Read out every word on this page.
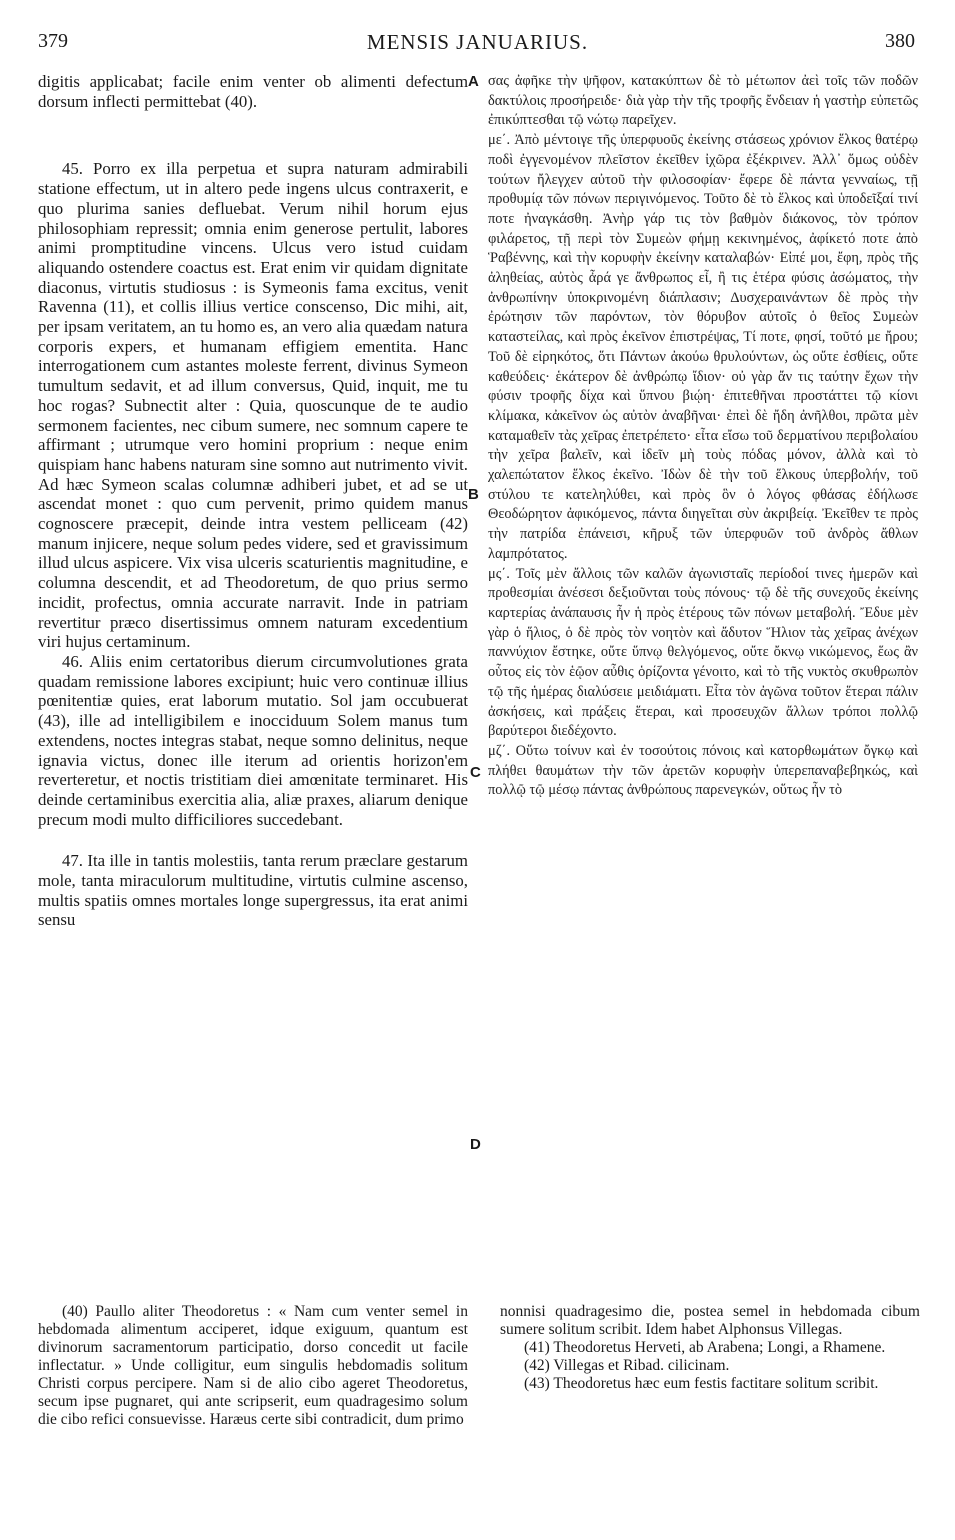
379	MENSIS JANUARIUS.	380

digitis applicabat; facile enim venter ob alimenti defectum dorsum inflecti permittebat (40).

45. Porro ex illa perpetua et supra naturam admirabili statione effectum, ut in altero pede ingens ulcus contraxerit, e quo plurima sanies defluebat. Verum nihil horum ejus philosophiam repressit; omnia enim generose pertulit, labores animi promptitudine vincens. Ulcus vero istud cuidam aliquando ostendere coactus est. Erat enim vir quidam dignitate diaconus, virtutis studiosus : is Symeonis fama excitus, venit Ravenna (11), et collis illius vertice conscenso, Dic mihi, ait, per ipsam veritatem, an tu homo es, an vero alia quædam natura corporis expers, et humanam effigiem ementita. Hanc interrogationem cum astantes moleste ferrent, divinus Symeon tumultum sedavit, et ad illum conversus, Quid, inquit, me tu hoc rogas? Subnectit alter : Quia, quoscunque de te audio sermonem facientes, nec cibum sumere, nec somnum capere te affirmant ; utrumque vero homini proprium : neque enim quispiam hanc habens naturam sine somno aut nutrimento vivit. Ad hæc Symeon scalas columnæ adhiberi jubet, et ad se ut ascendat monet : quo cum pervenit, primo quidem manus cognoscere præcepit, deinde intra vestem pelliceam (42) manum injicere, neque solum pedes videre, sed et gravissimum illud ulcus aspicere. Vix visa ulceris scaturientis magnitudine, e columna descendit, et ad Theodoretum, de quo prius sermo incidit, profectus, omnia accurate narravit. Inde in patriam revertitur præco disertissimus omnem naturam excedentium viri hujus certaminum.

46. Aliis enim certatoribus dierum circumvolutiones grata quadam remissione labores excipiunt; huic vero continuæ illius pœnitentiæ quies, erat laborum mutatio. Sol jam occubuerat (43), ille ad intelligibilem e inocciduum Solem manus tum extendens, noctes integras stabat, neque somno delinitus, neque ignavia victus, donec ille iterum ad orientis horizon'em reverteretur, et noctis tristitiam diei amœnitate terminaret. His deinde certaminibus exercitia alia, aliæ praxes, aliarum denique precum modi multo difficiliores succedebant.

47. Ita ille in tantis molestiis, tanta rerum præclare gestarum mole, tanta miraculorum multitudine, virtutis culmine ascenso, multis spatiis omnes mortales longe supergressus, ita erat animi sensu

A
B
C
D

σας ἀφῆκε τὴν ψῆφον, κατακύπτων δὲ τὸ μέτωπον ἀεὶ τοῖς τῶν ποδῶν δακτύλοις προσήρειδε· διὰ γὰρ τὴν τῆς τροφῆς ἔνδειαν ἡ γαστὴρ εὐπετῶς ἐπικύπτεσθαι τῷ νώτῳ παρεῖχεν.

με΄. Ἀπὸ μέντοιγε τῆς ὑπερφυοῦς ἐκείνης στάσεως χρόνιον ἕλκος θατέρῳ ποδὶ ἐγγενομένον πλεῖστον ἐκεῖθεν ἰχῶρα ἐξέκρινεν. Ἀλλ᾽ ὅμως οὐδὲν τούτων ἤλεγχεν αὐτοῦ τὴν φιλοσοφίαν· ἔφερε δὲ πάντα γενναίως, τῇ προθυμίᾳ τῶν πόνων περιγινόμενος. Τοῦτο δὲ τὸ ἕλκος καὶ ὑποδεῖξαί τινί ποτε ἠναγκάσθη. Ἀνὴρ γάρ τις τὸν βαθμὸν διάκονος, τὸν τρόπον φιλάρετος, τῇ περὶ τὸν Συμεὼν φήμῃ κεκινημένος, ἀφίκετό ποτε ἀπὸ Ῥαβέννης, καὶ τὴν κορυφὴν ἐκείνην καταλαβών· Εἰπέ μοι, ἔφη, πρὸς τῆς ἀληθείας, αὐτὸς ἆρά γε ἄνθρωπος εἶ, ἢ τις ἑτέρα φύσις ἀσώματος, τὴν ἀνθρωπίνην ὑποκρινομένη διάπλασιν; Δυσχεραινάντων δὲ πρὸς τὴν ἐρώτησιν τῶν παρόντων, τὸν θόρυβον αὐτοῖς ὁ θεῖος Συμεὼν καταστείλας, καὶ πρὸς ἐκεῖνον ἐπιστρέψας, Τί ποτε, φησί, τοῦτό με ἤρου; Τοῦ δὲ εἰρηκότος, ὅτι Πάντων ἀκούω θρυλούντων, ὡς οὔτε ἐσθίεις, οὔτε καθεύδεις· ἑκάτερον δὲ ἀνθρώπῳ ἴδιον· οὐ γὰρ ἄν τις ταύτην ἔχων τὴν φύσιν τροφῆς δίχα καὶ ὕπνου βιῴη· ἐπιτεθῆναι προστάττει τῷ κίονι κλίμακα, κἀκεῖνον ὡς αὐτὸν ἀναβῆναι· ἐπεὶ δὲ ἤδη ἀνῆλθοι, πρῶτα μὲν καταμαθεῖν τὰς χεῖρας ἐπετρέπετο· εἶτα εἴσω τοῦ δερματίνου περιβολαίου τὴν χεῖρα βαλεῖν, καὶ ἰδεῖν μὴ τοὺς πόδας μόνον, ἀλλὰ καὶ τὸ χαλεπώτατον ἕλκος ἐκεῖνο. Ἰδὼν δὲ τὴν τοῦ ἕλκους ὑπερβολήν, τοῦ στύλου τε κατεληλύθει, καὶ πρὸς ὃν ὁ λόγος φθάσας ἐδήλωσε Θεοδώρητον ἀφικόμενος, πάντα διηγεῖται σὺν ἀκριβείᾳ. Ἐκεῖθεν τε πρὸς τὴν πατρίδα ἐπάνεισι, κῆρυξ τῶν ὑπερφυῶν τοῦ ἀνδρὸς ἄθλων λαμπρότατος.

μς΄. Τοῖς μὲν ἄλλοις τῶν καλῶν ἀγωνισταῖς περίοδοί τινες ἡμερῶν καὶ προθεσμίαι ἀνέσεσι δεξιοῦνται τοὺς πόνους· τῷ δὲ τῆς συνεχοῦς ἐκείνης καρτερίας ἀνάπαυσις ἦν ἡ πρὸς ἑτέρους τῶν πόνων μεταβολή. Ἔδυε μὲν γὰρ ὁ ἥλιος, ὁ δὲ πρὸς τὸν νοητὸν καὶ ἄδυτον Ἥλιον τὰς χεῖρας ἀνέχων παννύχιον ἔστηκε, οὔτε ὕπνῳ θελγόμενος, οὔτε ὄκνῳ νικώμενος, ἕως ἂν οὗτος εἰς τὸν ἑῷον αὖθις ὁρίζοντα γένοιτο, καὶ τὸ τῆς νυκτὸς σκυθρωπὸν τῷ τῆς ἡμέρας διαλύσειε μειδιάματι. Εἶτα τὸν ἀγῶνα τοῦτον ἕτεραι πάλιν ἀσκήσεις, καὶ πράξεις ἕτεραι, καὶ προσευχῶν ἄλλων τρόποι πολλῷ βαρύτεροι διεδέχοντο.

μζ΄. Οὕτω τοίνυν καὶ ἐν τοσούτοις πόνοις καὶ κατορθωμάτων ὄγκῳ καὶ πλήθει θαυμάτων τὴν τῶν ἀρετῶν κορυφὴν ὑπερεπαναβεβηκώς, καὶ πολλῷ τῷ μέσῳ πάντας ἀνθρώπους παρενεγκών, οὕτως ἦν τὸ

(40) Paullo aliter Theodoretus : « Nam cum venter semel in hebdomada alimentum acciperet, idque exiguum, quantum est divinorum sacramentorum participatio, dorso concedit ut facile inflectatur. » Unde colligitur, eum singulis hebdomadis solitum Christi corpus percipere. Nam si de alio cibo ageret Theodoretus, secum ipse pugnaret, qui ante scripserit, eum quadragesimo solum die cibo refici consuevisse. Haræus certe sibi contradicit, dum primo

nonnisi quadragesimo die, postea semel in hebdomada cibum sumere solitum scribit. Idem habet Alphonsus Villegas.

(41) Theodoretus Herveti, ab Arabena; Longi, a Rhamene.

(42) Villegas et Ribad. cilicinam.

(43) Theodoretus hæc eum festis factitare solitum scribit.
